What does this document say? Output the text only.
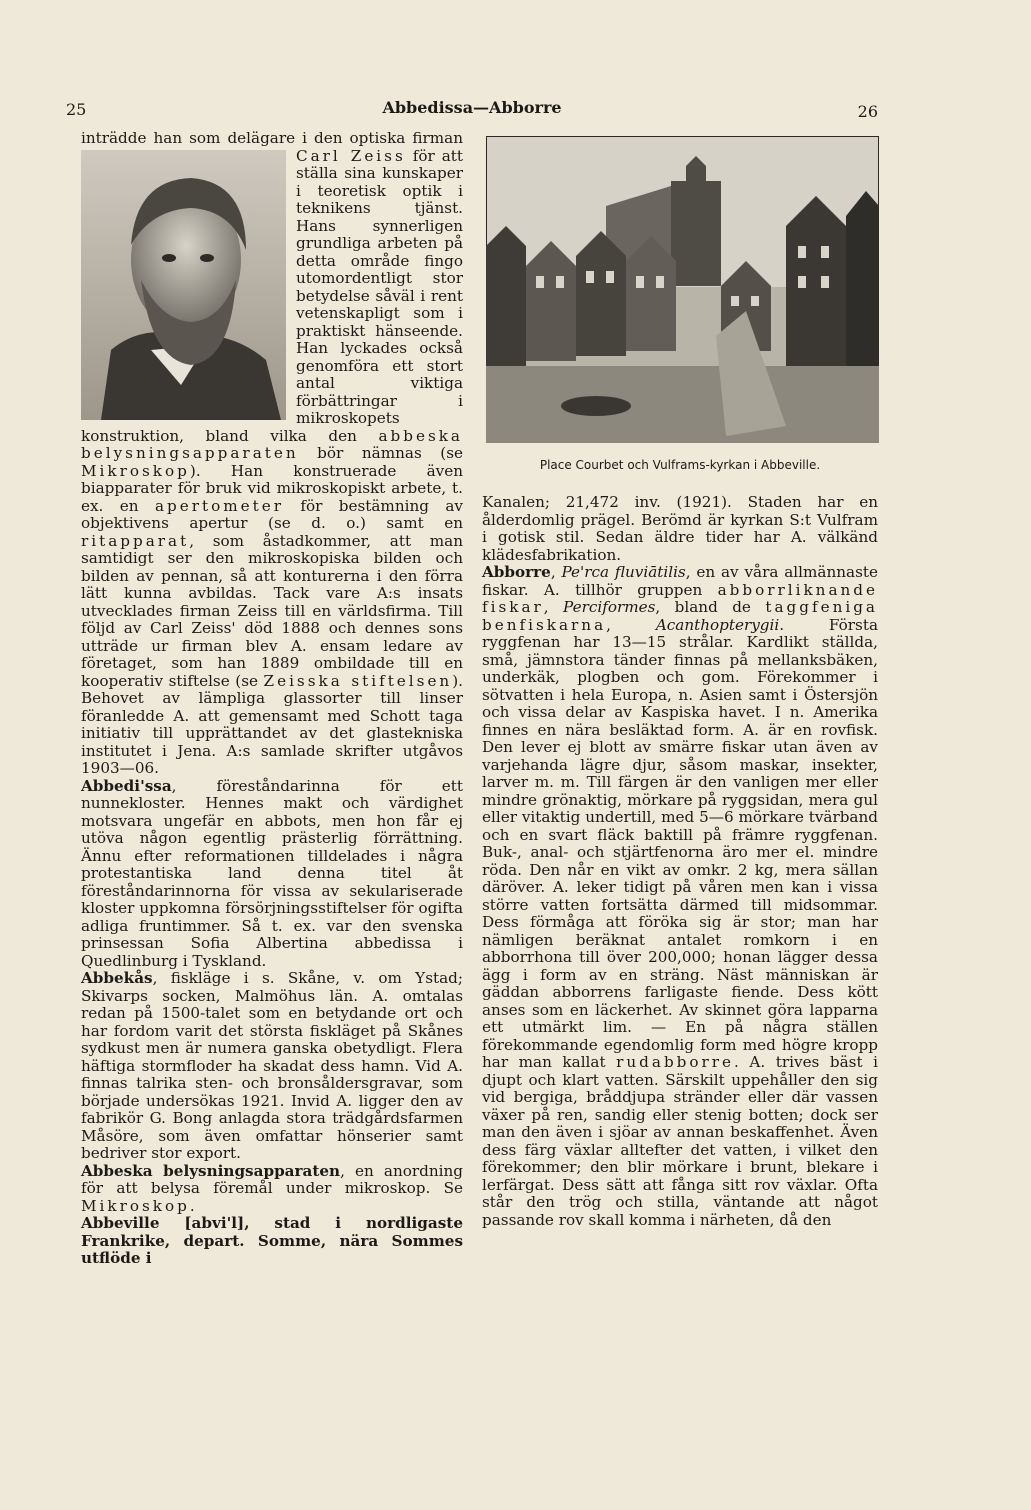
25	Abbedissa—Abborre	26

inträdde han som delägare i den optiska firman
Carl Zeiss för att ställa sina kunskaper i teoretisk optik i teknikens tjänst. Hans synnerligen grundliga arbeten på detta område fingo utomordentligt stor betydelse såväl i rent vetenskapligt som i praktiskt hänseende. Han lyckades också genomföra ett stort antal viktiga förbättringar i mikroskopets konstruktion, bland vilka den abbeska belysningsapparaten bör nämnas (se Mikroskop). Han konstruerade även biapparater för bruk vid mikroskopiskt arbete, t. ex. en apertometer för bestämning av objektivens apertur (se d. o.) samt en ritapparat, som åstadkommer, att man samtidigt ser den mikroskopiska bilden och bilden av pennan, så att konturerna i den förra lätt kunna avbildas. Tack vare A:s insats utvecklades firman Zeiss till en världsfirma. Till följd av Carl Zeiss' död 1888 och dennes sons utträde ur firman blev A. ensam ledare av företaget, som han 1889 ombildade till en kooperativ stiftelse (se Zeisska stiftelsen). Behovet av lämpliga glassorter till linser föranledde A. att gemensamt med Schott taga initiativ till upprättandet av det glastekniska institutet i Jena. A:s samlade skrifter utgåvos 1903—06.

Abbedi'ssa, föreståndarinna för ett nunnekloster. Hennes makt och värdighet motsvara ungefär en abbots, men hon får ej utöva någon egentlig prästerlig förrättning. Ännu efter reformationen tilldelades i några protestantiska land denna titel åt föreståndarinnorna för vissa av sekulariserade kloster uppkomna försörjningsstiftelser för ogifta adliga fruntimmer. Så t. ex. var den svenska prinsessan Sofia Albertina abbedissa i Quedlinburg i Tyskland.

Abbekås, fiskläge i s. Skåne, v. om Ystad; Skivarps socken, Malmöhus län. A. omtalas redan på 1500-talet som en betydande ort och har fordom varit det största fiskläget på Skånes sydkust men är numera ganska obetydligt. Flera häftiga stormfloder ha skadat dess hamn. Vid A. finnas talrika sten- och bronsåldersgravar, som började undersökas 1921. Invid A. ligger den av fabrikör G. Bong anlagda stora trädgårdsfarmen Måsöre, som även omfattar hönserier samt bedriver stor export.

Abbeska belysningsapparaten, en anordning för att belysa föremål under mikroskop. Se Mikroskop.

Abbeville [abvi'l], stad i nordligaste Frankrike, depart. Somme, nära Sommes utflöde i

Place Courbet och Vulframs-kyrkan i Abbeville.

Kanalen; 21,472 inv. (1921). Staden har en ålderdomlig prägel. Berömd är kyrkan S:t Vulfram i gotisk stil. Sedan äldre tider har A. välkänd klädesfabrikation.

Abborre, Pe'rca fluviātilis, en av våra allmännaste fiskar. A. tillhör gruppen abborrliknande fiskar, Perciformes, bland de taggfeniga benfiskarna, Acanthopterygii. Första ryggfenan har 13—15 strålar. Kardlikt ställda, små, jämnstora tänder finnas på mellanksbäken, underkäk, plogben och gom. Förekommer i sötvatten i hela Europa, n. Asien samt i Östersjön och vissa delar av Kaspiska havet. I n. Amerika finnes en nära besläktad form. A. är en rovfisk. Den lever ej blott av smärre fiskar utan även av varjehanda lägre djur, såsom maskar, insekter, larver m. m. Till färgen är den vanligen mer eller mindre grönaktig, mörkare på ryggsidan, mera gul eller vitaktig undertill, med 5—6 mörkare tvärband och en svart fläck baktill på främre ryggfenan. Buk-, anal- och stjärtfenorna äro mer el. mindre röda. Den når en vikt av omkr. 2 kg, mera sällan däröver. A. leker tidigt på våren men kan i vissa större vatten fortsätta därmed till midsommar. Dess förmåga att föröka sig är stor; man har nämligen beräknat antalet romkorn i en abborrhona till över 200,000; honan lägger dessa ägg i form av en sträng. Näst människan är gäddan abborrens farligaste fiende. Dess kött anses som en läckerhet. Av skinnet göra lapparna ett utmärkt lim. — En på några ställen förekommande egendomlig form med högre kropp har man kallat rudabborre. A. trives bäst i djupt och klart vatten. Särskilt uppehåller den sig vid bergiga, bråddjupa stränder eller där vassen växer på ren, sandig eller stenig botten; dock ser man den även i sjöar av annan beskaffenhet. Även dess färg växlar alltefter det vatten, i vilket den förekommer; den blir mörkare i brunt, blekare i lerfärgat. Dess sätt att fånga sitt rov växlar. Ofta står den trög och stilla, väntande att något passande rov skall komma i närheten, då den
